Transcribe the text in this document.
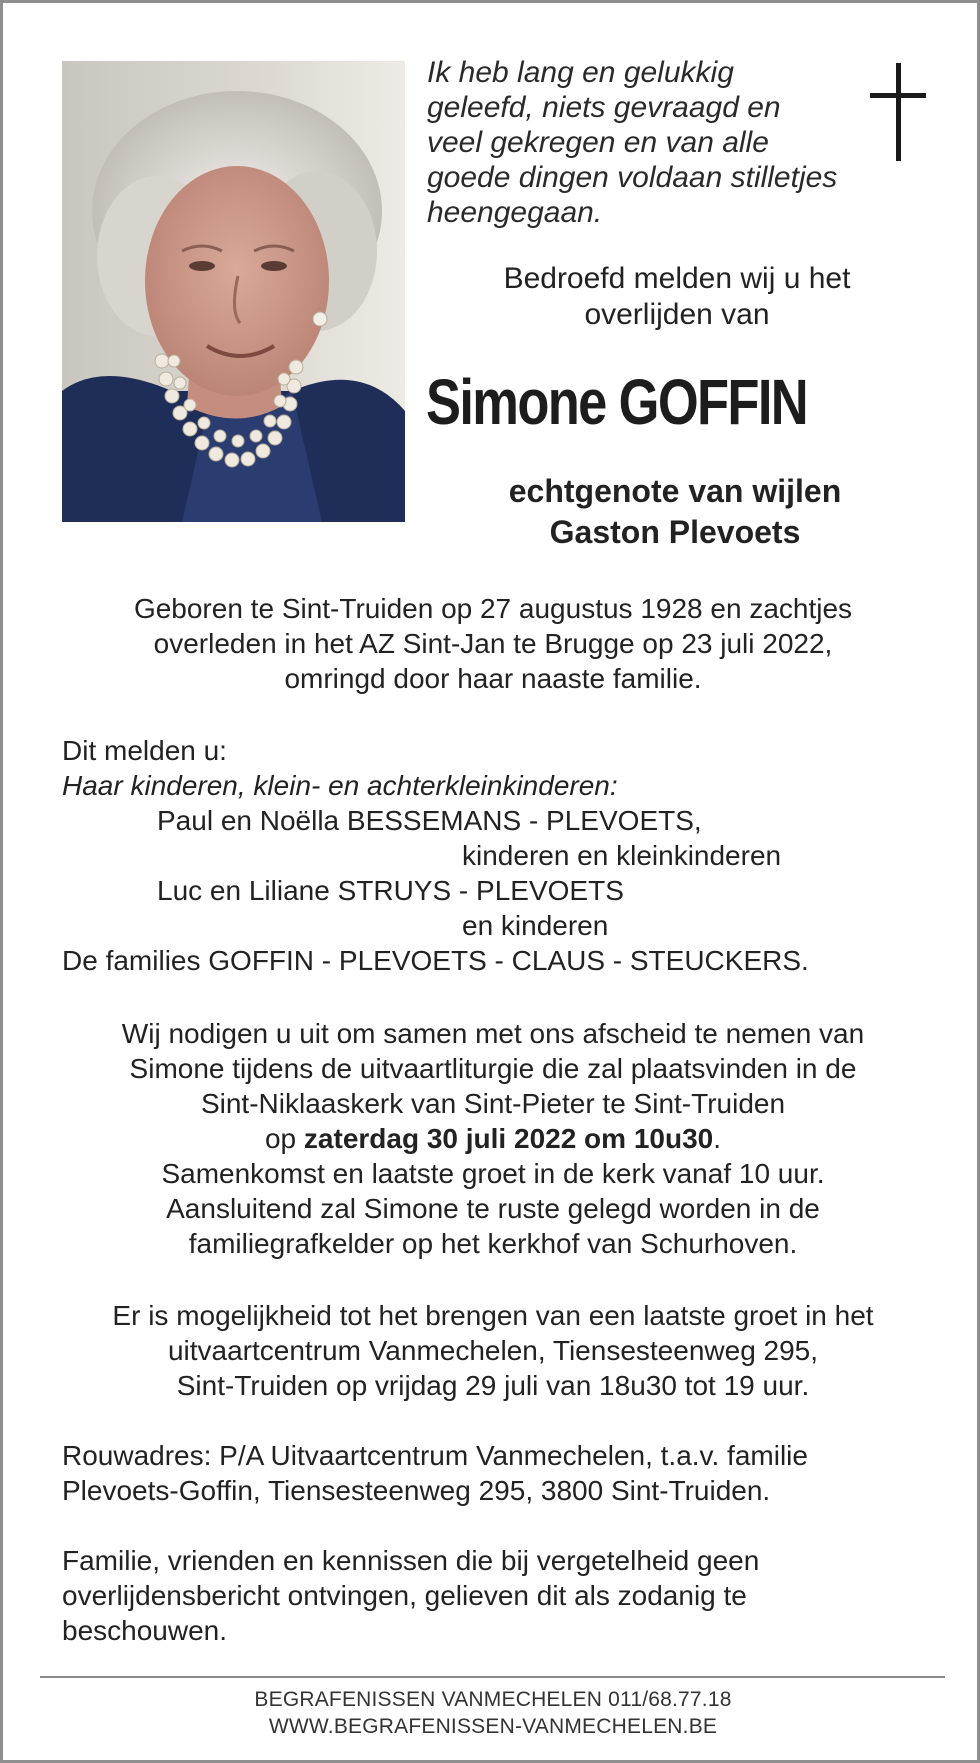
Ik heb lang en gelukkig
geleefd, niets gevraagd en
veel gekregen en van alle
goede dingen voldaan stilletjes
heengegaan.
Bedroefd melden wij u het
overlijden van
Simone GOFFIN
echtgenote van wijlen
Gaston Plevoets
Geboren te Sint-Truiden op 27 augustus 1928 en zachtjes
overleden in het AZ Sint-Jan te Brugge op 23 juli 2022,
omringd door haar naaste familie.
Dit melden u:
Haar kinderen, klein- en achterkleinkinderen:
Paul en Noëlla BESSEMANS - PLEVOETS,
kinderen en kleinkinderen
Luc en Liliane STRUYS - PLEVOETS
en kinderen
De families GOFFIN - PLEVOETS - CLAUS - STEUCKERS.
Wij nodigen u uit om samen met ons afscheid te nemen van
Simone tijdens de uitvaartliturgie die zal plaatsvinden in de
Sint-Niklaaskerk van Sint-Pieter te Sint-Truiden
op zaterdag 30 juli 2022 om 10u30.
Samenkomst en laatste groet in de kerk vanaf 10 uur.
Aansluitend zal Simone te ruste gelegd worden in de
familiegrafkelder op het kerkhof van Schurhoven.
Er is mogelijkheid tot het brengen van een laatste groet in het
uitvaartcentrum Vanmechelen, Tiensesteenweg 295,
Sint-Truiden op vrijdag 29 juli van 18u30 tot 19 uur.
Rouwadres: P/A Uitvaartcentrum Vanmechelen, t.a.v. familie
Plevoets-Goffin, Tiensesteenweg 295, 3800 Sint-Truiden.
Familie, vrienden en kennissen die bij vergetelheid geen
overlijdensbericht ontvingen, gelieven dit als zodanig te
beschouwen.
BEGRAFENISSEN VANMECHELEN 011/68.77.18
WWW.BEGRAFENISSEN-VANMECHELEN.BE
